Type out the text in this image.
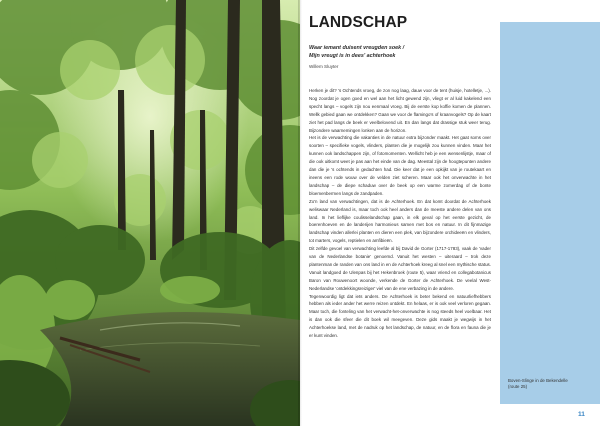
LANDSCHAP
Waar iemant duisent vreugden soek /
Mijn vreugt is in dees' achterhoek
Willem Sluyter

Herken je dit? 's Ochtends vroeg, de zon nog laag, dauw voor de tent (huisje, hotelletje, ...). Nog zoordat je ogen goed en wel aan het licht gewend zijn, vliegt er al luid kakelend een specht langs – vogels zijn nou eenmaal vroeg. Bij de eerste kop koffie komen de plannen. Wellk gebied gaan we ontdekken? Gaan we voor de flamingo's of kraanvogels? Op de kaart ziet het pad langs de beek er veelbelovend uit. En dan langs dat drassige stuk weer terug. Bijzondere waarnemingen lonken aan de horizon.

Het is de verwachting die vakanties in de natuur extra bijzonder maakt. Het gaat soms over soorten – specifieke vogels, vlinders, planten die je mogelijk zou kunnen vinden. Maar het kunnen ook landschappen zijn, of fotomomenten. Wellicht heb je een wensenlijstje, maar of die ook uitkomt weet je pas aan het einde van de dag. Meestal zijn de hoogtepunten andere dan die je 's ochtends in gedachten had. Die keer dat je een opkijkt van je routekaart en ineens een rode wouw over de velden ziet scheren. Maar ook het onverwachte in het landschap – de diepe schaduw over de beek op een warme zomerdag of de bonte bloemenbermen langs de zandpaden.

Zo'n land van verwachtingen, dat is de Achterhoek. En dat komt doordat de Achterhoek weliswaar Nederland is, maar toch ook heel anders dan de meeste andere delen van ons land. In het lieflijke coulisselandschap gaan, in elk geval op het eerste gezicht, de boerenhoeven en de landerijen harmonieus samen met bos en natuur. In dit fijnmazige landschap vinden allerlei planten en dieren een plek, van bijzondere orchideeën en vlinders, tot marters, vogels, reptielen en amfibieën.

Dit zelfde gevoel van verwachting leefde al bij David de Gorter (1717-1783), vaak de 'vader van de Nederlandse botanie' genoemd. Vanuit het westen – uiteraard – trok deze plantenman de randen van ons land in en de Achterhoek kreeg al snel een mythische status. Vanuit landgoed de Ulenpas bij het Hekenbroek (route 5), waar vriend en collegabotanicus Baron van Rouwenoort woonde, verkende de Gorter de Achterhoek. De veelal West-Nederlandse 'ontdekkingsreiziger' viel van de ene verbazing in de andere.

Tegenwoordig ligt dat iets anders. De Achterhoek is beter bekend en natuurliefhebbers hebben als ieder ander het werre reizen ontdekt. En helaas, er is ook veel verloren gegaan. Maar toch, die fonteling van het verwacht-het-onverwachte is nog steeds heel voelbaar. Het is dan ook die sfeer die dit boek wil meegeven. Deze gids maakt je wegwijs in het Achterhoekse land, met de nadruk op het landschap, de natuur, en de flora en fauna die je er kunt vinden.

Boven-Slinge in de Bekendelle (route 25)
11
